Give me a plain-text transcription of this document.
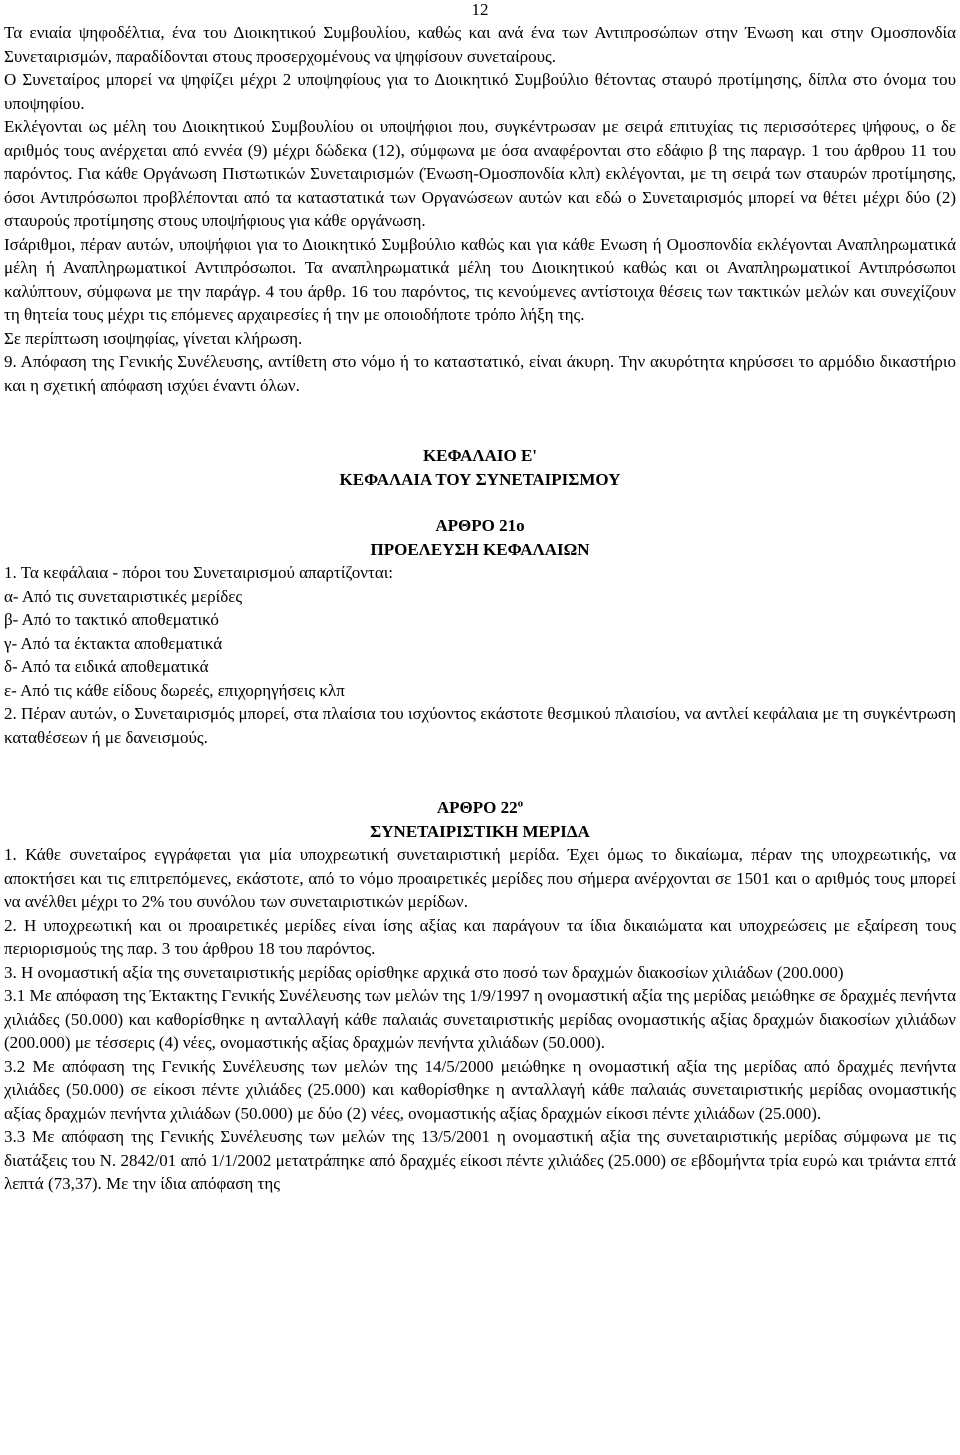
12

Τα ενιαία ψηφοδέλτια, ένα του Διοικητικού Συμβουλίου, καθώς και ανά ένα των Αντιπροσώπων στην Ένωση και στην Ομοσπονδία Συνεταιρισμών, παραδίδονται στους προσερχομένους να ψηφίσουν συνεταίρους.

Ο Συνεταίρος μπορεί να ψηφίζει μέχρι 2 υποψηφίους για το Διοικητικό Συμβούλιο θέτοντας σταυρό προτίμησης, δίπλα στο όνομα του υποψηφίου.

Εκλέγονται ως μέλη του Διοικητικού Συμβουλίου οι υποψήφιοι που, συγκέντρωσαν με σειρά επιτυχίας τις περισσότερες ψήφους, ο δε αριθμός τους ανέρχεται από εννέα (9) μέχρι δώδεκα (12), σύμφωνα με όσα αναφέρονται στο εδάφιο β της παραγρ. 1 του άρθρου 11 του παρόντος. Για κάθε Οργάνωση Πιστωτικών Συνεταιρισμών (Ένωση-Ομοσπονδία κλπ) εκλέγονται, με τη σειρά των σταυρών προτίμησης, όσοι Αντιπρόσωποι προβλέπονται από τα καταστατικά των Οργανώσεων αυτών και εδώ ο Συνεταιρισμός μπορεί να θέτει μέχρι δύο (2) σταυρούς προτίμησης στους υποψήφιους για κάθε οργάνωση.

Ισάριθμοι, πέραν αυτών, υποψήφιοι για το Διοικητικό Συμβούλιο καθώς και για κάθε Ενωση ή Ομοσπονδία εκλέγονται Αναπληρωματικά μέλη ή Αναπληρωματικοί Αντιπρόσωποι. Τα αναπληρωματικά μέλη του Διοικητικού καθώς και οι Αναπληρωματικοί Αντιπρόσωποι καλύπτουν, σύμφωνα με την παράγρ. 4 του άρθρ. 16 του παρόντος, τις κενούμενες αντίστοιχα θέσεις των τακτικών μελών και συνεχίζουν τη θητεία τους μέχρι τις επόμενες αρχαιρεσίες ή την με οποιοδήποτε τρόπο λήξη της.

Σε περίπτωση ισοψηφίας, γίνεται κλήρωση.

9. Απόφαση της Γενικής Συνέλευσης, αντίθετη στο νόμο ή το καταστατικό, είναι άκυρη. Την ακυρότητα κηρύσσει το αρμόδιο δικαστήριο και η σχετική απόφαση ισχύει έναντι όλων.

ΚΕΦΑΛΑΙΟ Ε'

ΚΕΦΑΛΑΙΑ ΤΟΥ ΣΥΝΕΤΑΙΡΙΣΜΟΥ

ΑΡΘΡΟ 21ο

ΠΡΟΕΛΕΥΣΗ ΚΕΦΑΛΑΙΩΝ

1. Τα κεφάλαια - πόροι του Συνεταιρισμού απαρτίζονται:

α- Από τις συνεταιριστικές μερίδες

β- Από το τακτικό αποθεματικό

γ- Από τα έκτακτα αποθεματικά

δ- Από τα ειδικά αποθεματικά

ε- Από τις κάθε είδους δωρεές, επιχορηγήσεις κλπ

2. Πέραν αυτών, ο Συνεταιρισμός μπορεί, στα πλαίσια του ισχύοντος εκάστοτε θεσμικού πλαισίου, να αντλεί κεφάλαια με τη συγκέντρωση καταθέσεων ή με δανεισμούς.

ΑΡΘΡΟ $22^o$

ΣΥΝΕΤΑΙΡΙΣΤΙΚΗ ΜΕΡΙΔΑ

1. Κάθε συνεταίρος εγγράφεται για μία υποχρεωτική συνεταιριστική μερίδα. Έχει όμως το δικαίωμα, πέραν της υποχρεωτικής, να αποκτήσει και τις επιτρεπόμενες, εκάστοτε, από το νόμο προαιρετικές μερίδες που σήμερα ανέρχονται σε 1501 και ο αριθμός τους μπορεί να ανέλθει μέχρι το 2% του συνόλου των συνεταιριστικών μερίδων.

2. Η υποχρεωτική και οι προαιρετικές μερίδες είναι ίσης αξίας και παράγουν τα ίδια δικαιώματα και υποχρεώσεις με εξαίρεση τους περιορισμούς της παρ. 3 του άρθρου 18 του παρόντος.

3. Η ονομαστική αξία της συνεταιριστικής μερίδας ορίσθηκε αρχικά στο ποσό των δραχμών διακοσίων χιλιάδων (200.000)

3.1 Με απόφαση της Έκτακτης Γενικής Συνέλευσης των μελών της 1/9/1997 η ονομαστική αξία της μερίδας μειώθηκε σε δραχμές πενήντα χιλιάδες (50.000) και καθορίσθηκε η ανταλλαγή κάθε παλαιάς συνεταιριστικής μερίδας ονομαστικής αξίας δραχμών διακοσίων χιλιάδων (200.000) με τέσσερις (4) νέες, ονομαστικής αξίας δραχμών πενήντα χιλιάδων (50.000).

3.2 Με απόφαση της Γενικής Συνέλευσης των μελών της 14/5/2000 μειώθηκε η ονομαστική αξία της μερίδας από δραχμές πενήντα χιλιάδες (50.000) σε είκοσι πέντε χιλιάδες (25.000) και καθορίσθηκε η ανταλλαγή κάθε παλαιάς συνεταιριστικής μερίδας ονομαστικής αξίας δραχμών πενήντα χιλιάδων (50.000) με δύο (2) νέες, ονομαστικής αξίας δραχμών είκοσι πέντε χιλιάδων (25.000).

3.3 Με απόφαση της Γενικής Συνέλευσης των μελών της 13/5/2001 η ονομαστική αξία της συνεταιριστικής μερίδας σύμφωνα με τις διατάξεις του Ν. 2842/01 από 1/1/2002 μετατράπηκε από δραχμές είκοσι πέντε χιλιάδες (25.000) σε εβδομήντα τρία ευρώ και τριάντα επτά λεπτά (73,37). Με την ίδια απόφαση της
